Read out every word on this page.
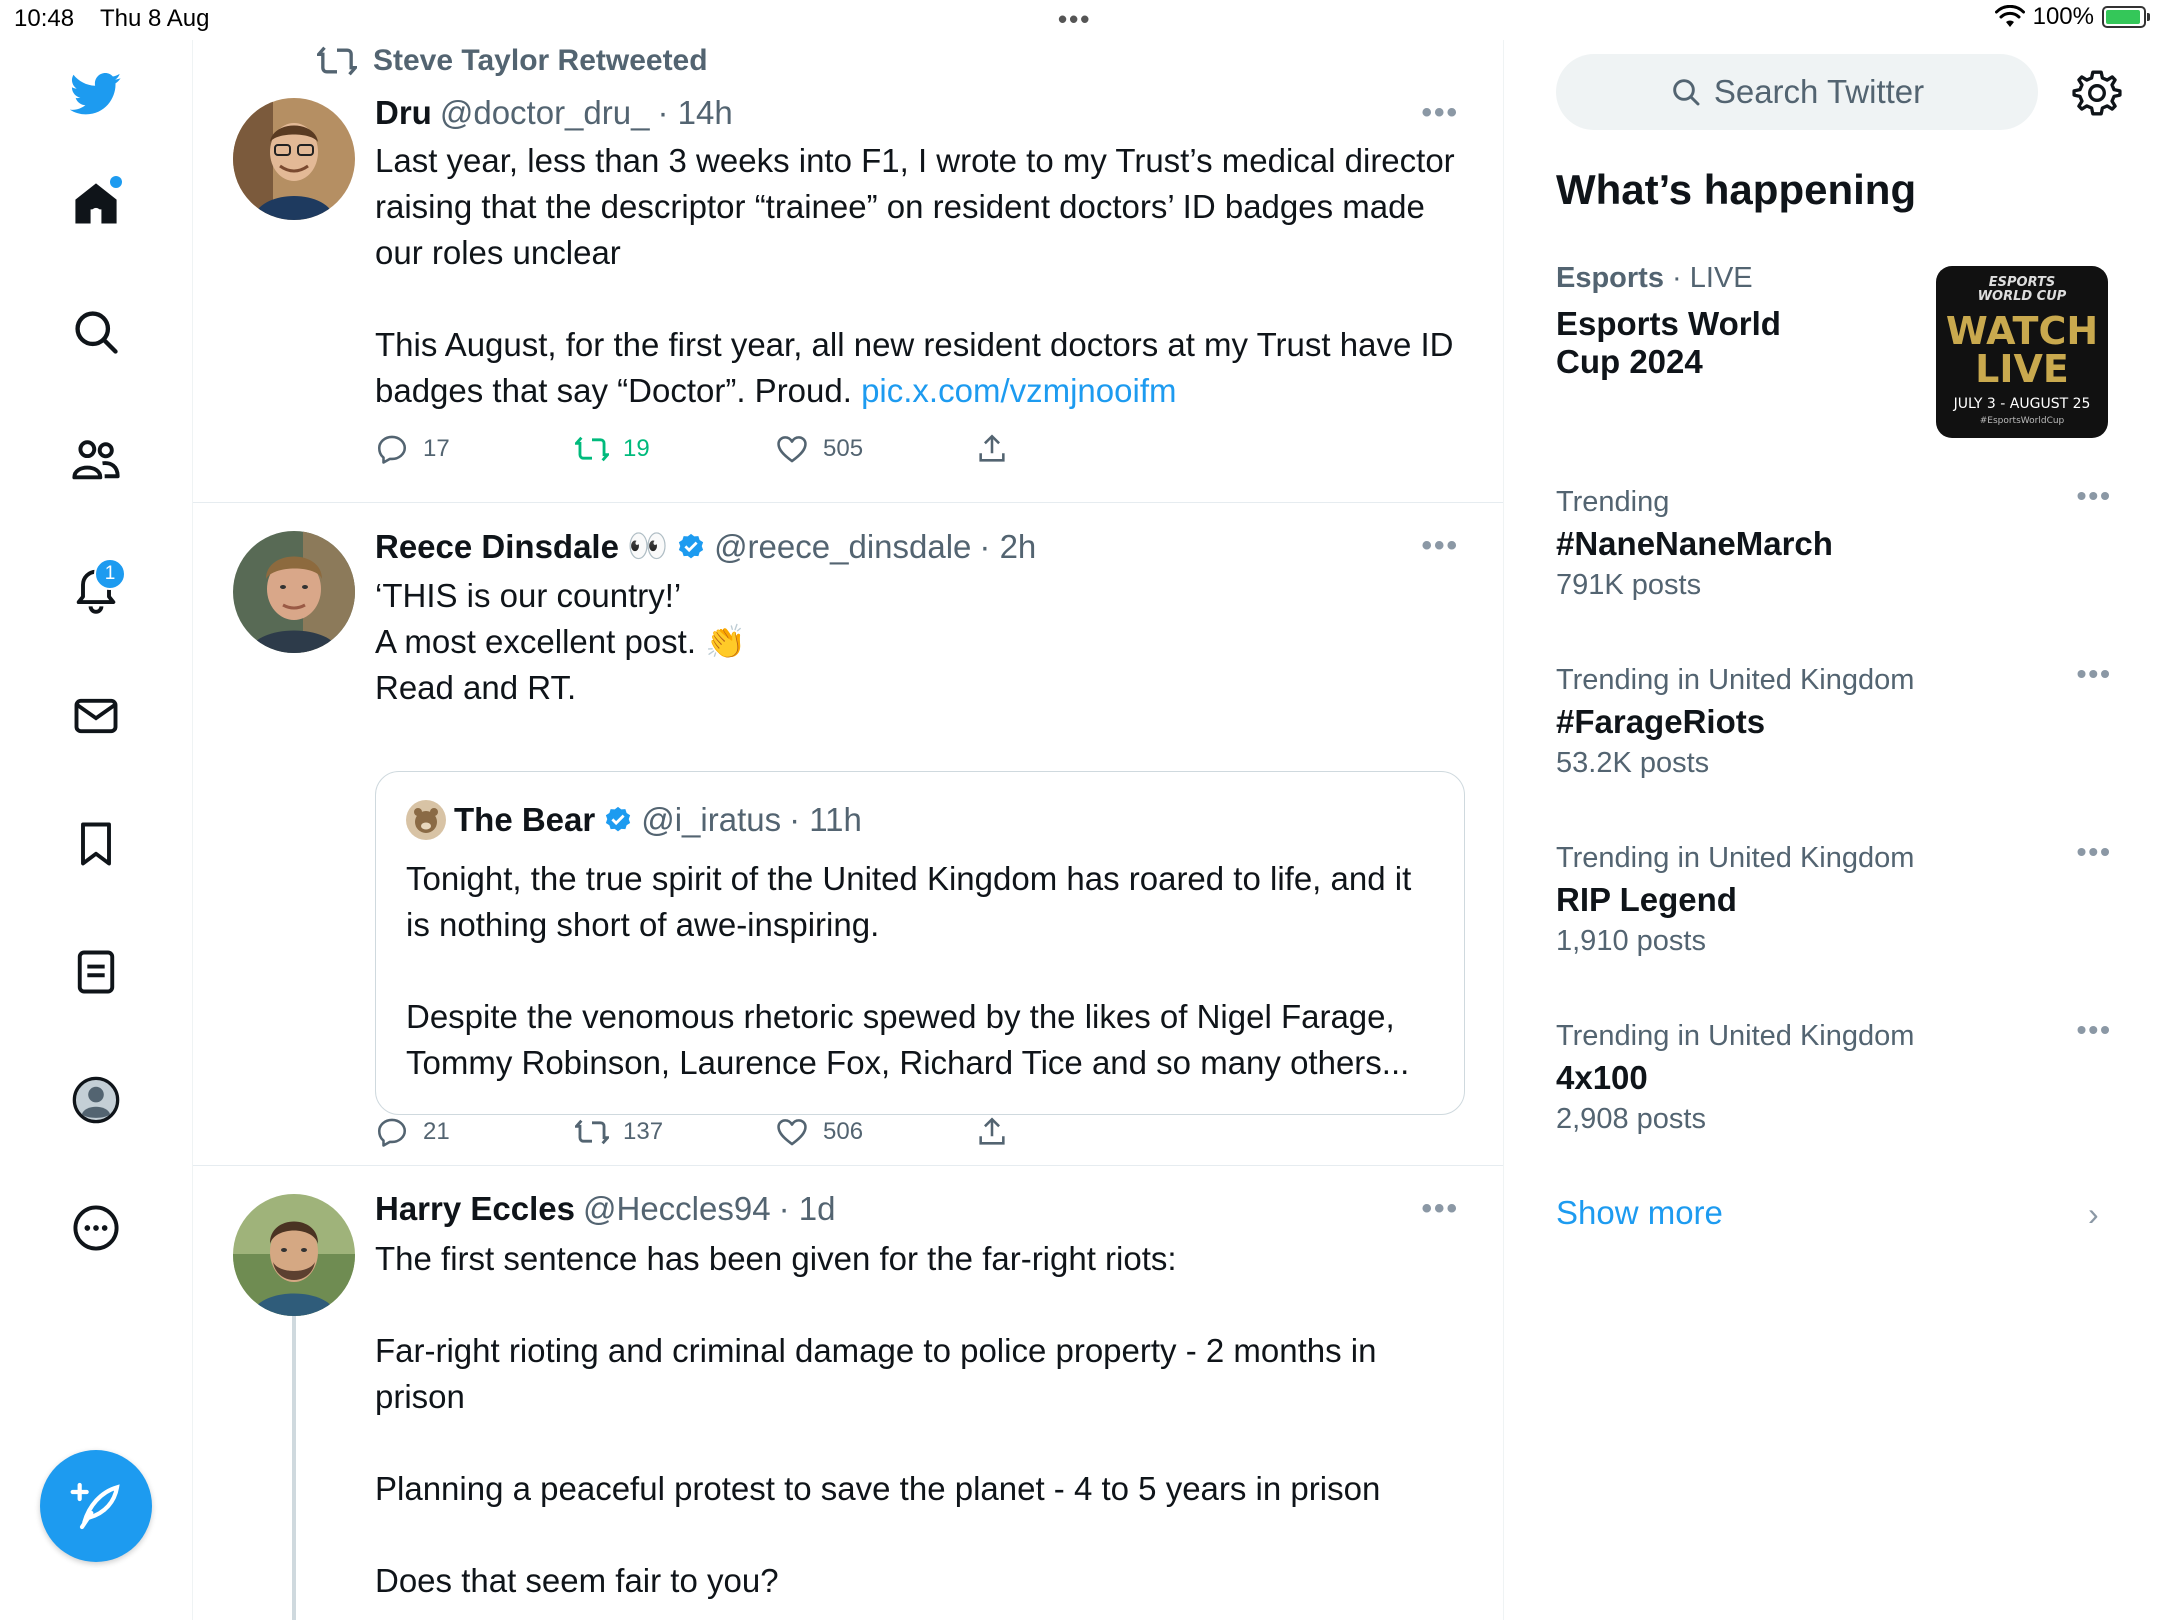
10:48 Thu 8 Aug	•••	100%
1
Steve Taylor Retweeted
Dru @doctor_dru_ · 14h	•••

Last year, less than 3 weeks into F1, I wrote to my Trust’s medical director raising that the descriptor “trainee” on resident doctors’ ID badges made our roles unclear

This August, for the first year, all new resident doctors at my Trust have ID badges that say “Doctor”. Proud. pic.x.com/vzmjnooifm

17	19	505
Reece Dinsdale 👀 @reece_dinsdale · 2h	•••

‘THIS is our country!’

A most excellent post. 👏

Read and RT.

The Bear @i_iratus · 11h

Tonight, the true spirit of the United Kingdom has roared to life, and it is nothing short of awe-inspiring.

Despite the venomous rhetoric spewed by the likes of Nigel Farage, Tommy Robinson, Laurence Fox, Richard Tice and so many others...

21	137	506
Harry Eccles @Heccles94 · 1d	•••

The first sentence has been given for the far-right riots:

Far-right rioting and criminal damage to police property - 2 months in prison

Planning a peaceful protest to save the planet - 4 to 5 years in prison

Does that seem fair to you?

Search Twitter
What’s happening
Esports · LIVE
Esports World
Cup 2024
ESPORTS WORLD CUP
WATCH
LIVE
JULY 3 - AUGUST 25
#EsportsWorldCup
Trending
#NaneNaneMarch
791K posts
•••
Trending in United Kingdom
#FarageRiots
53.2K posts
•••
Trending in United Kingdom
RIP Legend
1,910 posts
•••
Trending in United Kingdom
4x100
2,908 posts
•••
Show more	›
